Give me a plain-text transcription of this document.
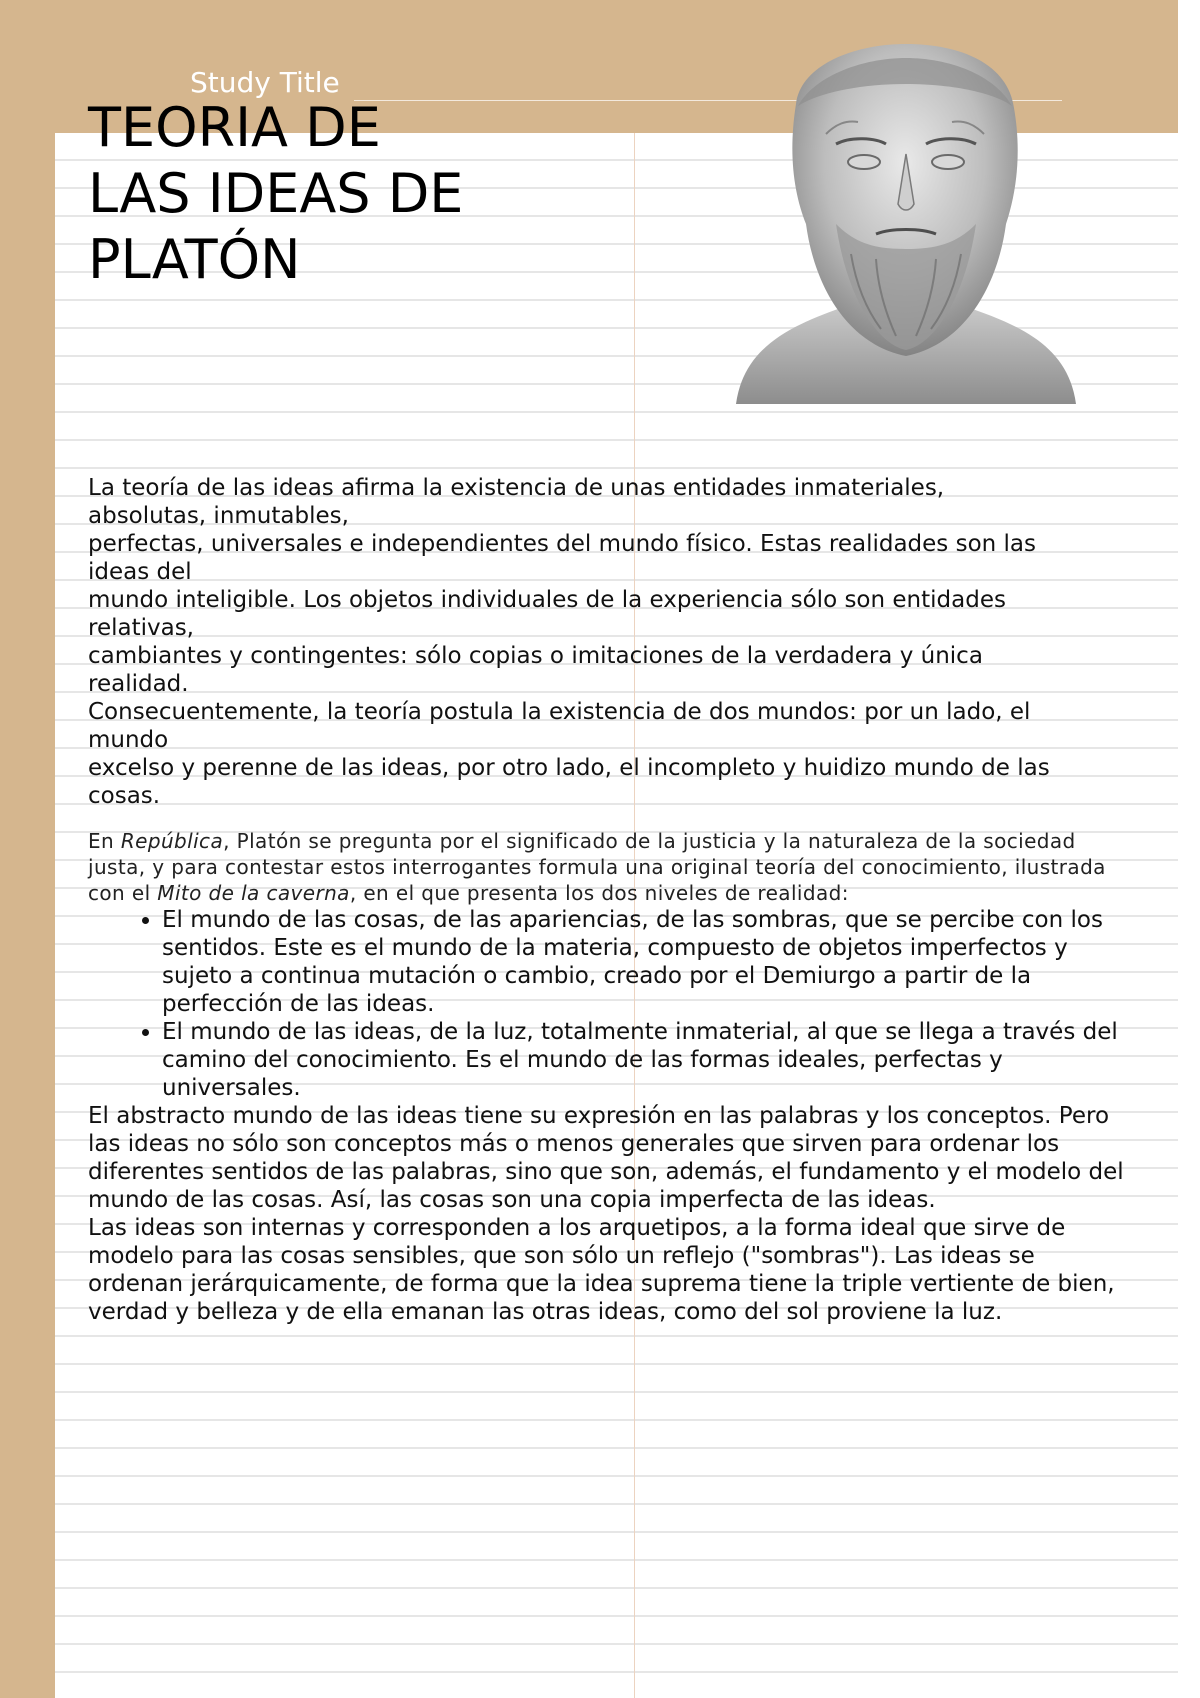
Study Title
TEORIA DE
LAS IDEAS DE
PLATÓN

La teoría de las ideas afirma la existencia de unas entidades inmateriales,
absolutas, inmutables,
perfectas, universales e independientes del mundo físico. Estas realidades son las
ideas del
mundo inteligible. Los objetos individuales de la experiencia sólo son entidades
relativas,
cambiantes y contingentes: sólo copias o imitaciones de la verdadera y única
realidad.
Consecuentemente, la teoría postula la existencia de dos mundos: por un lado, el
mundo
excelso y perenne de las ideas, por otro lado, el incompleto y huidizo mundo de las
cosas.

En República, Platón se pregunta por el significado de la justicia y la naturaleza de la sociedad justa, y para contestar estos interrogantes formula una original teoría del conocimiento, ilustrada con el Mito de la caverna, en el que presenta los dos niveles de realidad:

• El mundo de las cosas, de las apariencias, de las sombras, que se percibe con los sentidos. Este es el mundo de la materia, compuesto de objetos imperfectos y sujeto a continua mutación o cambio, creado por el Demiurgo a partir de la perfección de las ideas.
• El mundo de las ideas, de la luz, totalmente inmaterial, al que se llega a través del camino del conocimiento. Es el mundo de las formas ideales, perfectas y universales.

El abstracto mundo de las ideas tiene su expresión en las palabras y los conceptos. Pero las ideas no sólo son conceptos más o menos generales que sirven para ordenar los diferentes sentidos de las palabras, sino que son, además, el fundamento y el modelo del mundo de las cosas. Así, las cosas son una copia imperfecta de las ideas.

Las ideas son internas y corresponden a los arquetipos, a la forma ideal que sirve de modelo para las cosas sensibles, que son sólo un reflejo ("sombras"). Las ideas se ordenan jerárquicamente, de forma que la idea suprema tiene la triple vertiente de bien, verdad y belleza y de ella emanan las otras ideas, como del sol proviene la luz.
